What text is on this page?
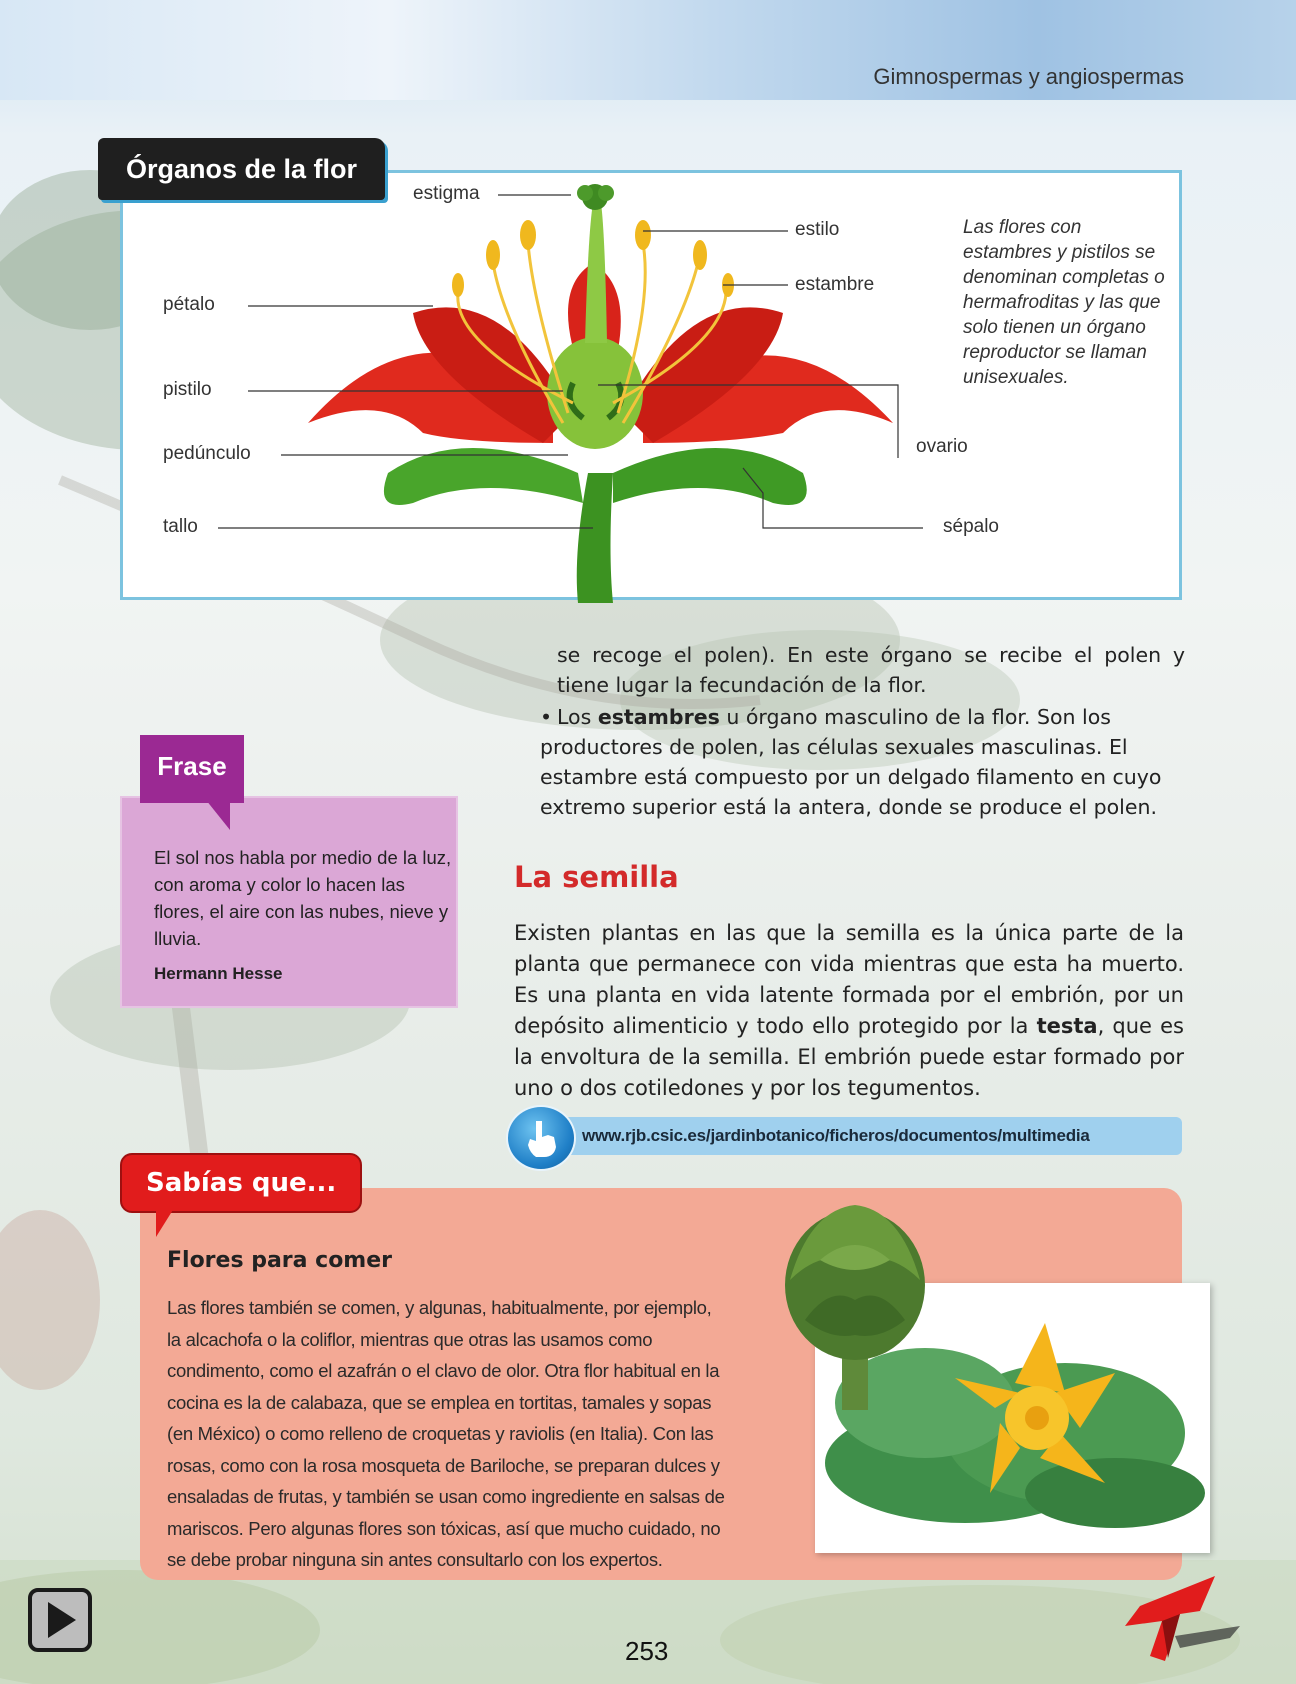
Gimnospermas y angiospermas
Órganos de la flor
estigma
estilo
estambre
pétalo
pistilo
pedúnculo
tallo
ovario
sépalo
Las flores con estambres y pistilos se denominan completas o hermafroditas y las que solo tienen un órgano reproductor se llaman unisexuales.

se recoge el polen). En este órgano se recibe el polen y tiene lugar la fecundación de la flor.

• Los estambres u órgano masculino de la flor. Son los productores de polen, las células sexuales masculinas. El estambre está compuesto por un delgado filamento en cuyo extremo superior está la antera, donde se produce el polen.

La semilla

Existen plantas en las que la semilla es la única parte de la planta que permanece con vida mientras que esta ha muerto. Es una planta en vida latente formada por el embrión, por un depósito alimenticio y todo ello protegido por la testa, que es la envoltura de la semilla. El embrión puede estar formado por uno o dos cotiledones y por los tegumentos.

www.rjb.csic.es/jardinbotanico/ficheros/documentos/multimedia
Frase
El sol nos habla por medio de la luz, con aroma y color lo hacen las flores, el aire con las nubes, nieve y lluvia.
Hermann Hesse
Flores para comer
Las flores también se comen, y algunas, habitualmente, por ejemplo, la alcachofa o la coliflor, mientras que otras las usamos como condimento, como el azafrán o el clavo de olor. Otra flor habitual en la cocina es la de calabaza, que se emplea en tortitas, tamales y sopas (en México) o como relleno de croquetas y raviolis (en Italia). Con las rosas, como con la rosa mosqueta de Bariloche, se preparan dulces y ensaladas de frutas, y también se usan como ingrediente en salsas de mariscos. Pero algunas flores son tóxicas, así que mucho cuidado, no se debe probar ninguna sin antes consultarlo con los expertos.
Sabías que...
253
